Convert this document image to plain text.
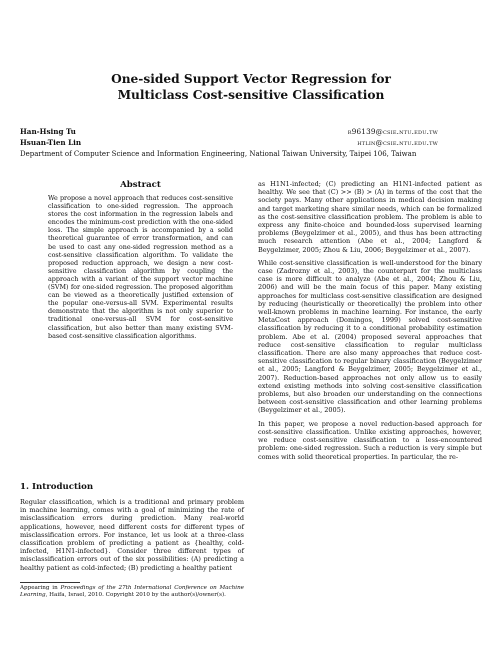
One-sided Support Vector Regression for
Multiclass Cost-sensitive Classification
Han-Hsing Tu	r96139@csie.ntu.edu.tw
Hsuan-Tien Lin	htlin@csie.ntu.edu.tw
Department of Computer Science and Information Engineering, National Taiwan University, Taipei 106, Taiwan
Abstract
We propose a novel approach that reduces cost-sensitive classification to one-sided regression. The approach stores the cost information in the regression labels and encodes the minimum-cost prediction with the one-sided loss. The simple approach is accompanied by a solid theoretical guarantee of error transformation, and can be used to cast any one-sided regression method as a cost-sensitive classification algorithm. To validate the proposed reduction approach, we design a new cost-sensitive classification algorithm by coupling the approach with a variant of the support vector machine (SVM) for one-sided regression. The proposed algorithm can be viewed as a theoretically justified extension of the popular one-versus-all SVM. Experimental results demonstrate that the algorithm is not only superior to traditional one-versus-all SVM for cost-sensitive classification, but also better than many existing SVM-based cost-sensitive classification algorithms.
1. Introduction
Regular classification, which is a traditional and primary problem in machine learning, comes with a goal of minimizing the rate of misclassification errors during prediction. Many real-world applications, however, need different costs for different types of misclassification errors. For instance, let us look at a three-class classification problem of predicting a patient as {healthy, cold-infected, H1N1-infected}. Consider three different types of misclassification errors out of the six possibilities: (A) predicting a healthy patient as cold-infected; (B) predicting a healthy patient
Appearing in Proceedings of the 27th International Conference on Machine Learning, Haifa, Israel, 2010. Copyright 2010 by the author(s)/owner(s).

as H1N1-infected; (C) predicting an H1N1-infected patient as healthy. We see that (C) >> (B) > (A) in terms of the cost that the society pays. Many other applications in medical decision making and target marketing share similar needs, which can be formalized as the cost-sensitive classification problem. The problem is able to express any finite-choice and bounded-loss supervised learning problems (Beygelzimer et al., 2005), and thus has been attracting much research attention (Abe et al., 2004; Langford & Beygelzimer, 2005; Zhou & Liu, 2006; Beygelzimer et al., 2007).

While cost-sensitive classification is well-understood for the binary case (Zadrozny et al., 2003), the counterpart for the multiclass case is more difficult to analyze (Abe et al., 2004; Zhou & Liu, 2006) and will be the main focus of this paper. Many existing approaches for multiclass cost-sensitive classification are designed by reducing (heuristically or theoretically) the problem into other well-known problems in machine learning. For instance, the early MetaCost approach (Domingos, 1999) solved cost-sensitive classification by reducing it to a conditional probability estimation problem. Abe et al. (2004) proposed several approaches that reduce cost-sensitive classification to regular multiclass classification. There are also many approaches that reduce cost-sensitive classification to regular binary classification (Beygelzimer et al., 2005; Langford & Beygelzimer, 2005; Beygelzimer et al., 2007). Reduction-based approaches not only allow us to easily extend existing methods into solving cost-sensitive classification problems, but also broaden our understanding on the connections between cost-sensitive classification and other learning problems (Beygelzimer et al., 2005).

In this paper, we propose a novel reduction-based approach for cost-sensitive classification. Unlike existing approaches, however, we reduce cost-sensitive classification to a less-encountered problem: one-sided regression. Such a reduction is very simple but comes with solid theoretical properties. In particular, the re-
